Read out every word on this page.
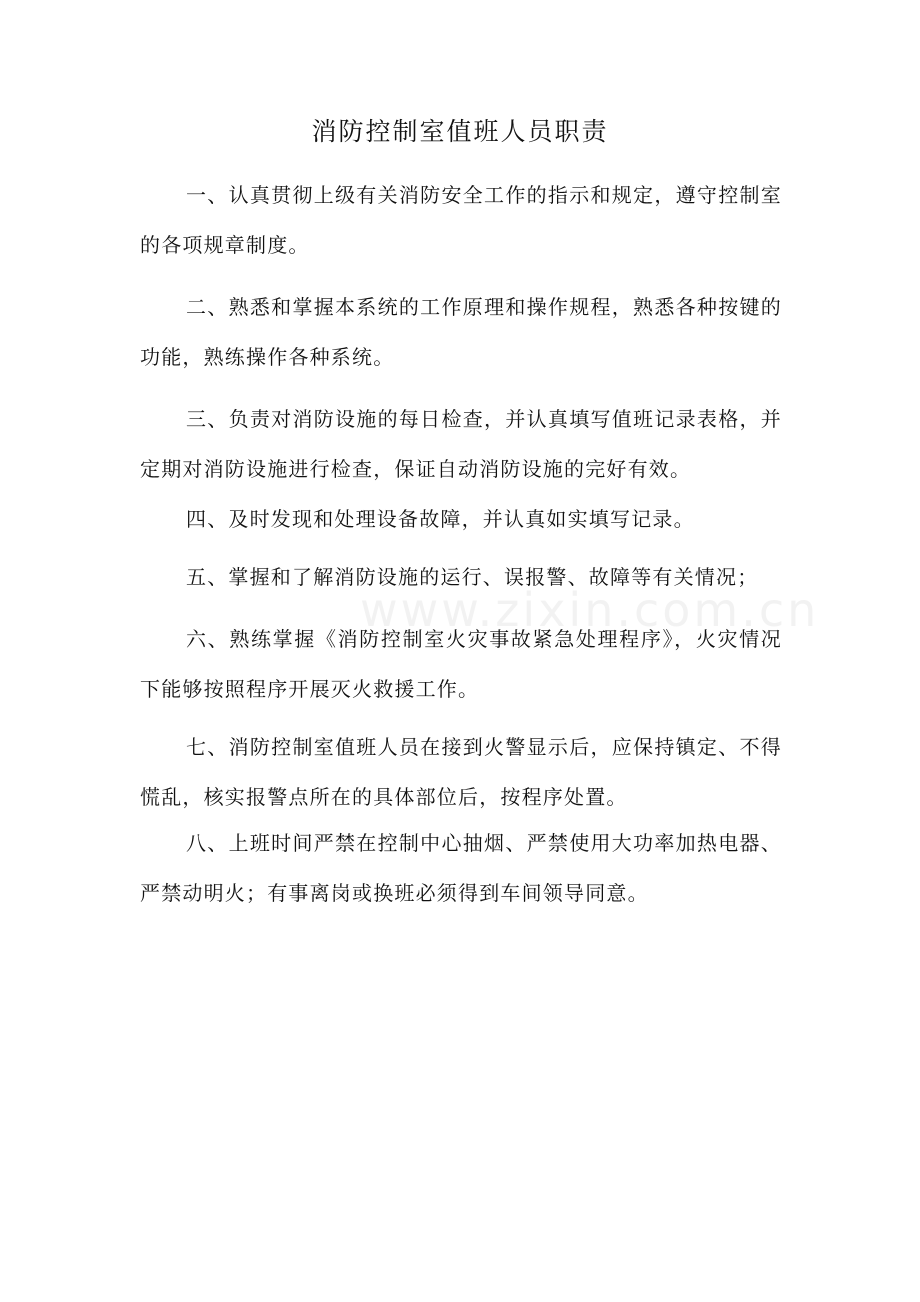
消防控制室值班人员职责

一、认真贯彻上级有关消防安全工作的指示和规定，遵守控制室的各项规章制度。

二、熟悉和掌握本系统的工作原理和操作规程，熟悉各种按键的功能，熟练操作各种系统。

三、负责对消防设施的每日检查，并认真填写值班记录表格，并定期对消防设施进行检查，保证自动消防设施的完好有效。

四、及时发现和处理设备故障，并认真如实填写记录。

五、掌握和了解消防设施的运行、误报警、故障等有关情况；

六、熟练掌握《消防控制室火灾事故紧急处理程序》，火灾情况下能够按照程序开展灭火救援工作。

七、消防控制室值班人员在接到火警显示后，应保持镇定、不得慌乱，核实报警点所在的具体部位后，按程序处置。

八、上班时间严禁在控制中心抽烟、严禁使用大功率加热电器、严禁动明火；有事离岗或换班必须得到车间领导同意。

www.zixin.com.cn
